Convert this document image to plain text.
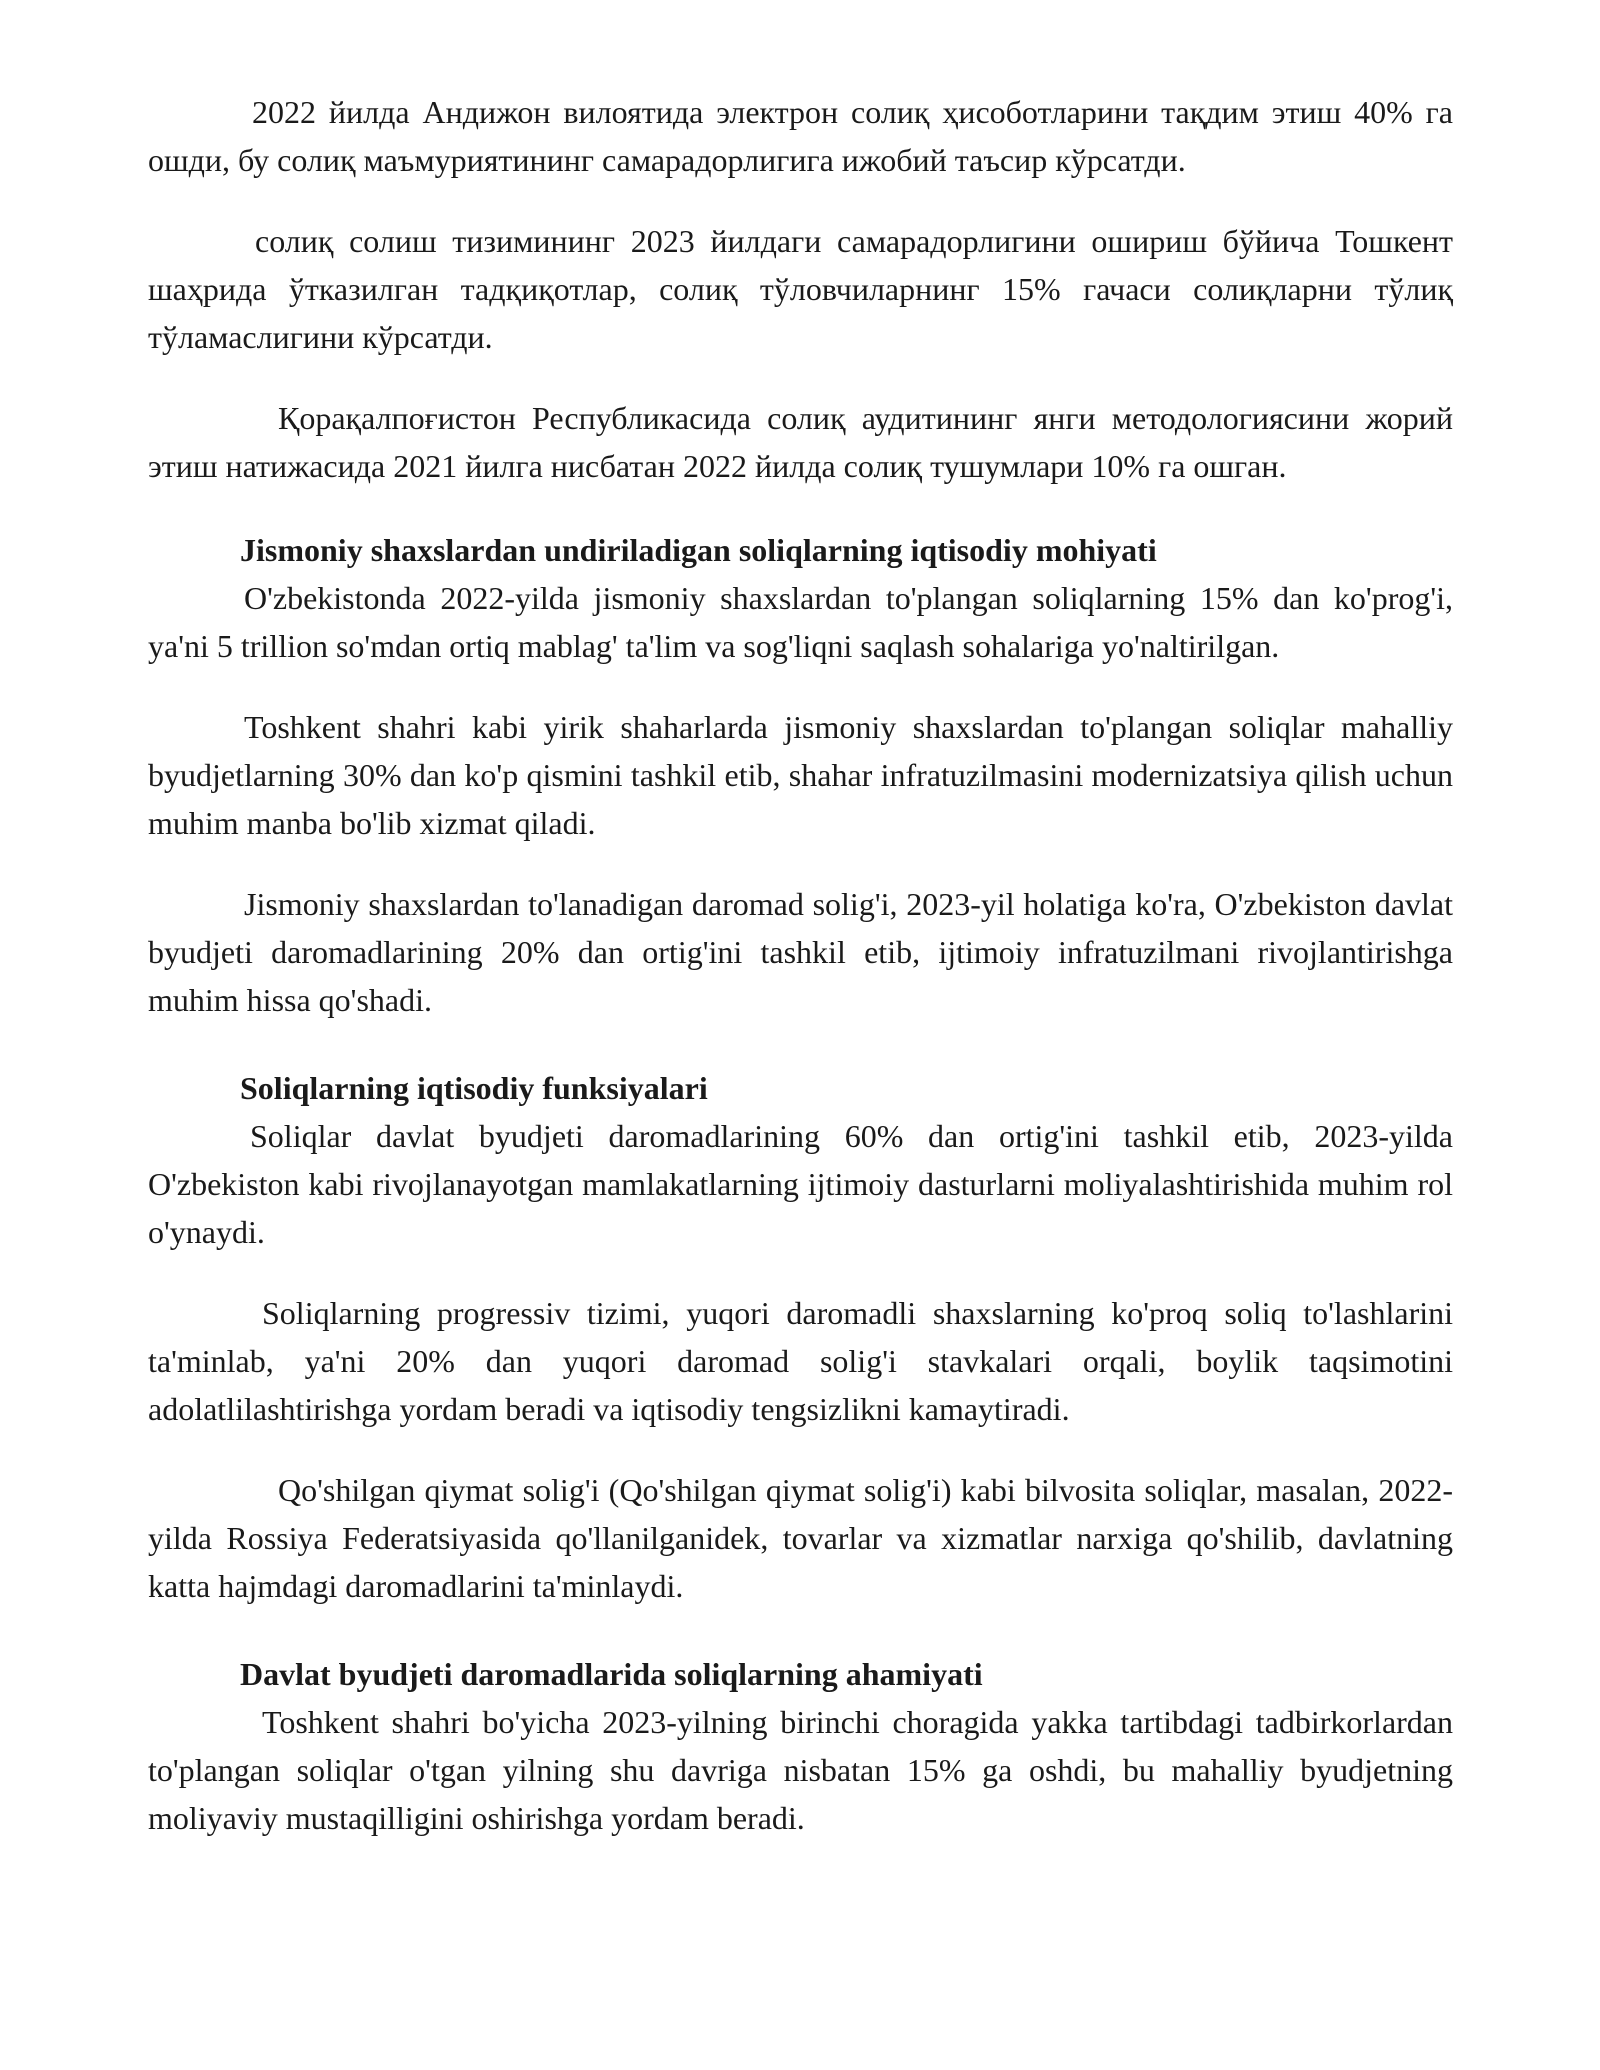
2022 йилда Андижон вилоятида электрон солиқ ҳисоботларини тақдим этиш 40% га ошди, бу солиқ маъмуриятининг самарадорлигига ижобий таъсир кўрсатди.

солиқ солиш тизимининг 2023 йилдаги самарадорлигини ошириш бўйича Тошкент шаҳрида ўтказилган тадқиқотлар, солиқ тўловчиларнинг 15% гачаси солиқларни тўлиқ тўламаслигини кўрсатди.

Қорақалпоғистон Республикасида солиқ аудитининг янги методологиясини жорий этиш натижасида 2021 йилга нисбатан 2022 йилда солиқ тушумлари 10% га ошган.

Jismoniy shaxslardan undiriladigan soliqlarning iqtisodiy mohiyati

O'zbekistonda 2022-yilda jismoniy shaxslardan to'plangan soliqlarning 15% dan ko'prog'i, ya'ni 5 trillion so'mdan ortiq mablag' ta'lim va sog'liqni saqlash sohalariga yo'naltirilgan.

Toshkent shahri kabi yirik shaharlarda jismoniy shaxslardan to'plangan soliqlar mahalliy byudjetlarning 30% dan ko'p qismini tashkil etib, shahar infratuzilmasini modernizatsiya qilish uchun muhim manba bo'lib xizmat qiladi.

Jismoniy shaxslardan to'lanadigan daromad solig'i, 2023-yil holatiga ko'ra, O'zbekiston davlat byudjeti daromadlarining 20% dan ortig'ini tashkil etib, ijtimoiy infratuzilmani rivojlantirishga muhim hissa qo'shadi.

Soliqlarning iqtisodiy funksiyalari

Soliqlar davlat byudjeti daromadlarining 60% dan ortig'ini tashkil etib, 2023-yilda O'zbekiston kabi rivojlanayotgan mamlakatlarning ijtimoiy dasturlarni moliyalashtirishida muhim rol o'ynaydi.

Soliqlarning progressiv tizimi, yuqori daromadli shaxslarning ko'proq soliq to'lashlarini ta'minlab, ya'ni 20% dan yuqori daromad solig'i stavkalari orqali, boylik taqsimotini adolatlilashtirishga yordam beradi va iqtisodiy tengsizlikni kamaytiradi.

Qo'shilgan qiymat solig'i (Qo'shilgan qiymat solig'i) kabi bilvosita soliqlar, masalan, 2022-yilda Rossiya Federatsiyasida qo'llanilganidek, tovarlar va xizmatlar narxiga qo'shilib, davlatning katta hajmdagi daromadlarini ta'minlaydi.

Davlat byudjeti daromadlarida soliqlarning ahamiyati

Toshkent shahri bo'yicha 2023-yilning birinchi choragida yakka tartibdagi tadbirkorlardan to'plangan soliqlar o'tgan yilning shu davriga nisbatan 15% ga oshdi, bu mahalliy byudjetning moliyaviy mustaqilligini oshirishga yordam beradi.
